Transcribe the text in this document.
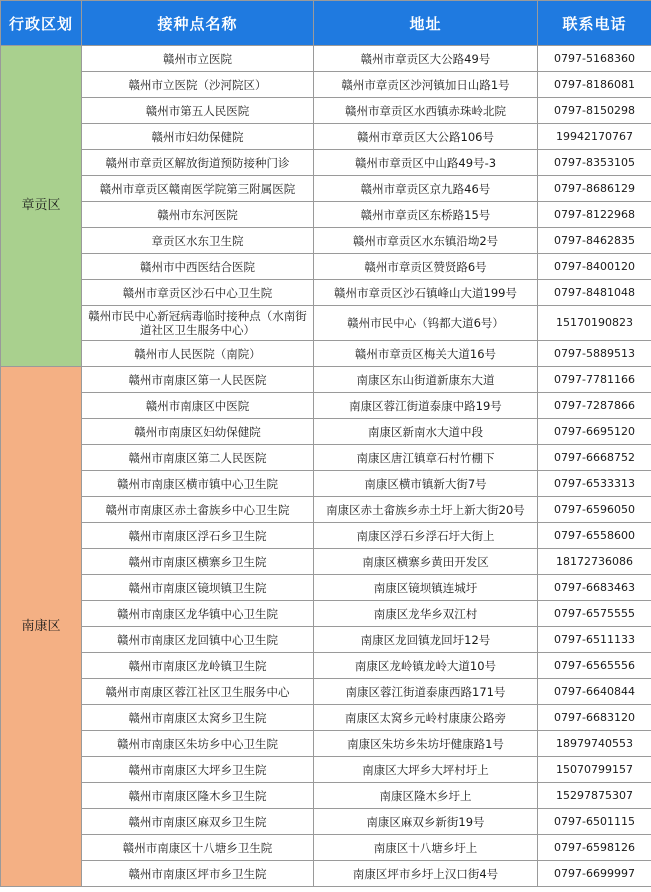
行政区划	接种点名称	地址	联系电话
章贡区	赣州市立医院	赣州市章贡区大公路49号	0797-5168360
	赣州市立医院（沙河院区）	赣州市章贡区沙河镇加日山路1号	0797-8186081
	赣州市第五人民医院	赣州市章贡区水西镇赤珠岭北院	0797-8150298
	赣州市妇幼保健院	赣州市章贡区大公路106号	19942170767
	赣州市章贡区解放街道预防接种门诊	赣州市章贡区中山路49号-3	0797-8353105
	赣州市章贡区赣南医学院第三附属医院	赣州市章贡区京九路46号	0797-8686129
	赣州市东河医院	赣州市章贡区东桥路15号	0797-8122968
	章贡区水东卫生院	赣州市章贡区水东镇沿坳2号	0797-8462835
	赣州市中西医结合医院	赣州市章贡区赞贤路6号	0797-8400120
	赣州市章贡区沙石中心卫生院	赣州市章贡区沙石镇峰山大道199号	0797-8481048
	赣州市民中心新冠病毒临时接种点（水南街道社区卫生服务中心）	赣州市民中心（钨都大道6号）	15170190823
	赣州市人民医院（南院）	赣州市章贡区梅关大道16号	0797-5889513
南康区	赣州市南康区第一人民医院	南康区东山街道新康东大道	0797-7781166
	赣州市南康区中医院	南康区蓉江街道泰康中路19号	0797-7287866
	赣州市南康区妇幼保健院	南康区新南水大道中段	0797-6695120
	赣州市南康区第二人民医院	南康区唐江镇章石村竹棚下	0797-6668752
	赣州市南康区横市镇中心卫生院	南康区横市镇新大街7号	0797-6533313
	赣州市南康区赤土畲族乡中心卫生院	南康区赤土畲族乡赤土圩上新大街20号	0797-6596050
	赣州市南康区浮石乡卫生院	南康区浮石乡浮石圩大街上	0797-6558600
	赣州市南康区横寨乡卫生院	南康区横寨乡黄田开发区	18172736086
	赣州市南康区镜坝镇卫生院	南康区镜坝镇连城圩	0797-6683463
	赣州市南康区龙华镇中心卫生院	南康区龙华乡双江村	0797-6575555
	赣州市南康区龙回镇中心卫生院	南康区龙回镇龙回圩12号	0797-6511133
	赣州市南康区龙岭镇卫生院	南康区龙岭镇龙岭大道10号	0797-6565556
	赣州市南康区蓉江社区卫生服务中心	南康区蓉江街道泰康西路171号	0797-6640844
	赣州市南康区太窝乡卫生院	南康区太窝乡元岭村康康公路旁	0797-6683120
	赣州市南康区朱坊乡中心卫生院	南康区朱坊乡朱坊圩健康路1号	18979740553
	赣州市南康区大坪乡卫生院	南康区大坪乡大坪村圩上	15070799157
	赣州市南康区隆木乡卫生院	南康区隆木乡圩上	15297875307
	赣州市南康区麻双乡卫生院	南康区麻双乡新街19号	0797-6501115
	赣州市南康区十八塘乡卫生院	南康区十八塘乡圩上	0797-6598126
	赣州市南康区坪市乡卫生院	南康区坪市乡圩上汉口街4号	0797-6699997
